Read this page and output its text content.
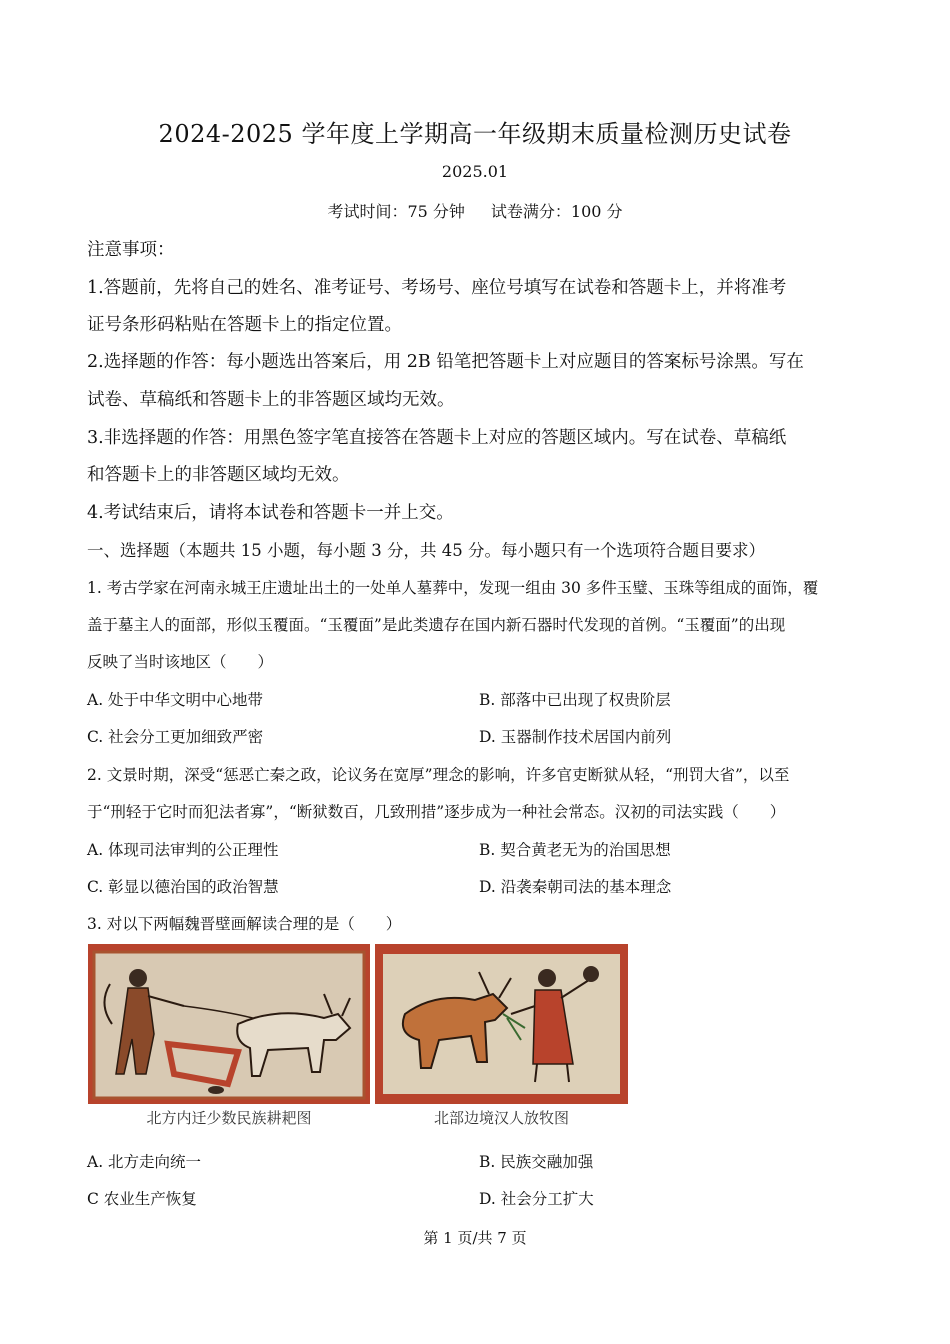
2024-2025 学年度上学期高一年级期末质量检测历史试卷
2025.01
考试时间：75 分钟 试卷满分：100 分
注意事项：
1.答题前，先将自己的姓名、准考证号、考场号、座位号填写在试卷和答题卡上，并将准考
证号条形码粘贴在答题卡上的指定位置。
2.选择题的作答：每小题选出答案后，用 2B 铅笔把答题卡上对应题目的答案标号涂黑。写在
试卷、草稿纸和答题卡上的非答题区域均无效。
3.非选择题的作答：用黑色签字笔直接答在答题卡上对应的答题区域内。写在试卷、草稿纸
和答题卡上的非答题区域均无效。
4.考试结束后，请将本试卷和答题卡一并上交。
一、选择题（本题共 15 小题，每小题 3 分，共 45 分。每小题只有一个选项符合题目要求）
1. 考古学家在河南永城王庄遗址出土的一处单人墓葬中，发现一组由 30 多件玉璧、玉珠等组成的面饰，覆
盖于墓主人的面部，形似玉覆面。“玉覆面”是此类遗存在国内新石器时代发现的首例。“玉覆面”的出现
反映了当时该地区（　　）
A. 处于中华文明中心地带	B. 部落中已出现了权贵阶层
C. 社会分工更加细致严密	D. 玉器制作技术居国内前列
2. 文景时期，深受“惩恶亡秦之政，论议务在宽厚”理念的影响，许多官吏断狱从轻，“刑罚大省”，以至
于“刑轻于它时而犯法者寡”，“断狱数百，几致刑措”逐步成为一种社会常态。汉初的司法实践（　　）
A. 体现司法审判的公正理性	B. 契合黄老无为的治国思想
C. 彰显以德治国的政治智慧	D. 沿袭秦朝司法的基本理念
3. 对以下两幅魏晋壁画解读合理的是（　　）
北方内迁少数民族耕耙图	北部边境汉人放牧图
A. 北方走向统一	B. 民族交融加强
C 农业生产恢复	D. 社会分工扩大
第 1 页/共 7 页
